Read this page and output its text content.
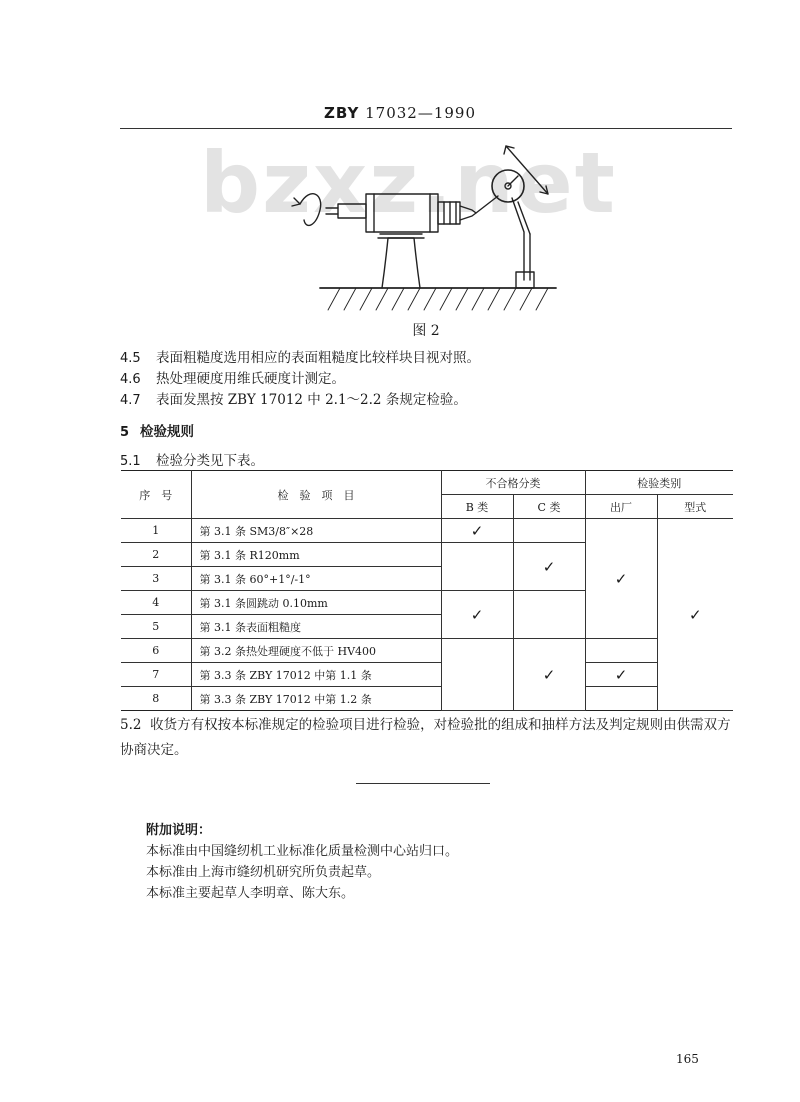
ZBY 17032—1990
bzxz.net
图 2
4.5 表面粗糙度选用相应的表面粗糙度比较样块目视对照。
4.6 热处理硬度用维氏硬度计测定。
4.7 表面发黑按 ZBY 17012 中 2.1～2.2 条规定检验。
5 检验规则
5.1 检验分类见下表。
序　号	检　验　项　目	不合格分类		检验类别	
		B 类	C 类	出厂	型式
1	第 3.1 条 SM3/8″×28	✓		✓	✓
2	第 3.1 条 R120mm		✓		
3	第 3.1 条 60°+1°/-1°				
4	第 3.1 条圆跳动 0.10mm	✓			
5	第 3.1 条表面粗糙度				
6	第 3.2 条热处理硬度不低于 HV400		✓		
7	第 3.3 条 ZBY 17012 中第 1.1 条			✓	
8	第 3.3 条 ZBY 17012 中第 1.2 条				
5.2 收货方有权按本标准规定的检验项目进行检验，对检验批的组成和抽样方法及判定规则由供需双方协商决定。
附加说明：
本标准由中国缝纫机工业标准化质量检测中心站归口。
本标准由上海市缝纫机研究所负责起草。
本标准主要起草人李明章、陈大东。
165
